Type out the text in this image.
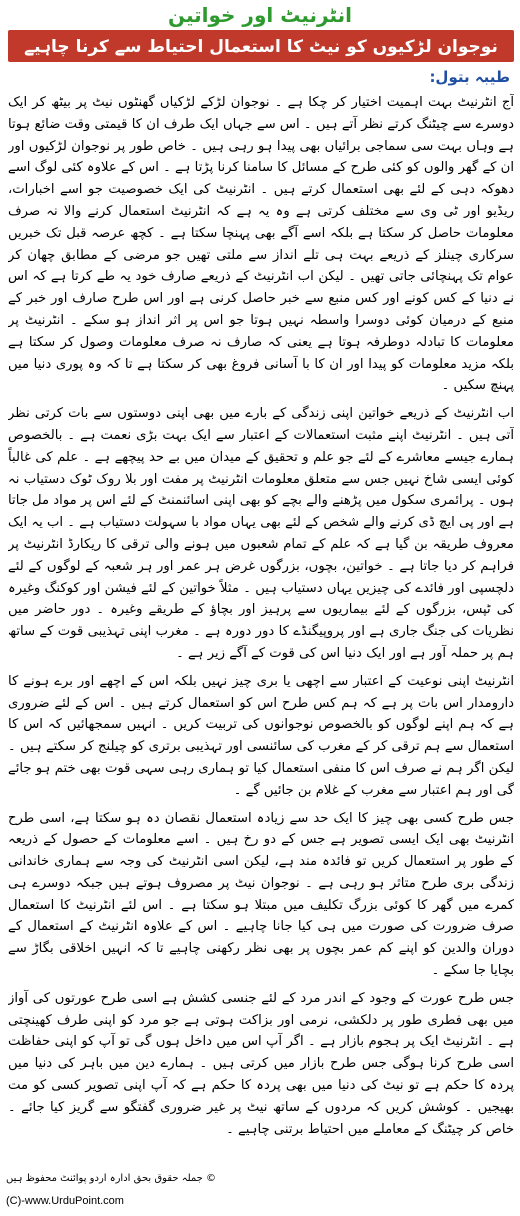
انٹرنیٹ اور خواتین
نوجوان لڑکیوں کو نیٹ کا استعمال احتیاط سے کرنا چاہیے
طیبہ بتول:

آج انٹرنیٹ بہت اہمیت اختیار کر چکا ہے ۔ نوجوان لڑکے لڑکیاں گھنٹوں نیٹ پر بیٹھ کر ایک دوسرے سے چیٹنگ کرتے نظر آتے ہیں ۔ اس سے جہاں ایک طرف ان کا قیمتی وقت ضائع ہوتا ہے وہاں بہت سی سماجی برائیاں بھی پیدا ہو رہی ہیں ۔ خاص طور پر نوجوان لڑکیوں اور ان کے گھر والوں کو کئی طرح کے مسائل کا سامنا کرنا پڑتا ہے ۔ اس کے علاوہ کئی لوگ اسے دھوکہ دہی کے لئے بھی استعمال کرتے ہیں ۔ انٹرنیٹ کی ایک خصوصیت جو اسے اخبارات، ریڈیو اور ٹی وی سے مختلف کرتی ہے وہ یہ ہے کہ انٹرنیٹ استعمال کرنے والا نہ صرف معلومات حاصل کر سکتا ہے بلکہ اسے آگے بھی پہنچا سکتا ہے ۔ کچھ عرصہ قبل تک خبریں سرکاری چینلز کے ذریعے بہت ہی تلے انداز سے ملتی تھیں جو مرضی کے مطابق چھان کر عوام تک پہنچائی جاتی تھیں ۔ لیکن اب انٹرنیٹ کے ذریعے صارف خود یہ طے کرتا ہے کہ اس نے دنیا کے کس کونے اور کس منبع سے خبر حاصل کرنی ہے اور اس طرح صارف اور خبر کے منبع کے درمیان کوئی دوسرا واسطہ نہیں ہوتا جو اس پر اثر انداز ہو سکے ۔ انٹرنیٹ پر معلومات کا تبادلہ دوطرفہ ہوتا ہے یعنی کہ صارف نہ صرف معلومات وصول کر سکتا ہے بلکہ مزید معلومات کو پیدا اور ان کا با آسانی فروغ بھی کر سکتا ہے تا کہ وہ پوری دنیا میں پہنچ سکیں ۔

اب انٹرنیٹ کے ذریعے خواتین اپنی زندگی کے بارے میں بھی اپنی دوستوں سے بات کرتی نظر آتی ہیں ۔ انٹرنیٹ اپنے مثبت استعمالات کے اعتبار سے ایک بہت بڑی نعمت ہے ۔ بالخصوص ہمارے جیسے معاشرے کے لئے جو علم و تحقیق کے میدان میں بے حد پیچھے ہے ۔ علم کی غالباً کوئی ایسی شاخ نہیں جس سے متعلق معلومات انٹرنیٹ پر مفت اور بلا روک ٹوک دستیاب نہ ہوں ۔ پرائمری سکول میں پڑھنے والے بچے کو بھی اپنی اسائنمنٹ کے لئے اس پر مواد مل جاتا ہے اور پی ایچ ڈی کرنے والے شخص کے لئے بھی یہاں مواد با سہولت دستیاب ہے ۔ اب یہ ایک معروف طریقہ بن گیا ہے کہ علم کے تمام شعبوں میں ہونے والی ترقی کا ریکارڈ انٹرنیٹ پر فراہم کر دیا جاتا ہے ۔ خواتین، بچوں، بزرگوں غرض ہر عمر اور ہر شعبہ کے لوگوں کے لئے دلچسپی اور فائدے کی چیزیں یہاں دستیاب ہیں ۔ مثلاً خواتین کے لئے فیشن اور کوکنگ وغیرہ کی ٹپس، بزرگوں کے لئے بیماریوں سے پرہیز اور بچاؤ کے طریقے وغیرہ ۔ دور حاضر میں نظریات کی جنگ جاری ہے اور پروپیگنڈے کا دور دورہ ہے ۔ مغرب اپنی تہذیبی قوت کے ساتھ ہم پر حملہ آور ہے اور ایک دنیا اس کی قوت کے آگے زیر ہے ۔

انٹرنیٹ اپنی نوعیت کے اعتبار سے اچھی یا بری چیز نہیں بلکہ اس کے اچھے اور برے ہونے کا دارومدار اس بات پر ہے کہ ہم کس طرح اس کو استعمال کرتے ہیں ۔ اس کے لئے ضروری ہے کہ ہم اپنے لوگوں کو بالخصوص نوجوانوں کی تربیت کریں ۔ انہیں سمجھائیں کہ اس کا استعمال سے ہم ترقی کر کے مغرب کی سائنسی اور تہذیبی برتری کو چیلنج کر سکتے ہیں ۔ لیکن اگر ہم نے صرف اس کا منفی استعمال کیا تو ہماری رہی سہی قوت بھی ختم ہو جائے گی اور ہم اعتبار سے مغرب کے غلام بن جائیں گے ۔

جس طرح کسی بھی چیز کا ایک حد سے زیادہ استعمال نقصان دہ ہو سکتا ہے، اسی طرح انٹرنیٹ بھی ایک ایسی تصویر ہے جس کے دو رخ ہیں ۔ اسے معلومات کے حصول کے ذریعہ کے طور پر استعمال کریں تو فائدہ مند ہے، لیکن اسی انٹرنیٹ کی وجہ سے ہماری خاندانی زندگی بری طرح متاثر ہو رہی ہے ۔ نوجوان نیٹ پر مصروف ہوتے ہیں جبکہ دوسرے ہی کمرے میں گھر کا کوئی بزرگ تکلیف میں مبتلا ہو سکتا ہے ۔ اس لئے انٹرنیٹ کا استعمال صرف ضرورت کی صورت میں ہی کیا جانا چاہیے ۔ اس کے علاوہ انٹرنیٹ کے استعمال کے دوران والدین کو اپنے کم عمر بچوں پر بھی نظر رکھنی چاہیے تا کہ انہیں اخلاقی بگاڑ سے بچایا جا سکے ۔

جس طرح عورت کے وجود کے اندر مرد کے لئے جنسی کشش ہے اسی طرح عورتوں کی آواز میں بھی فطری طور پر دلکشی، نرمی اور بزاکت ہوتی ہے جو مرد کو اپنی طرف کھینچتی ہے ۔ انٹرنیٹ ایک پر ہجوم بازار ہے ۔ اگر آپ اس میں داخل ہوں گی تو آپ کو اپنی حفاظت اسی طرح کرنا ہوگی جس طرح بازار میں کرتی ہیں ۔ ہمارے دین میں باہر کی دنیا میں پردہ کا حکم ہے تو نیٹ کی دنیا میں بھی پردہ کا حکم ہے کہ آپ اپنی تصویر کسی کو مت بھیجیں ۔ کوشش کریں کہ مردوں کے ساتھ نیٹ پر غیر ضروری گفتگو سے گریز کیا جائے ۔ خاص کر چیٹنگ کے معاملے میں احتیاط برتنی چاہیے ۔

© جملہ حقوق بحق ادارہ اردو پوائنٹ محفوظ ہیں
(C)-www.UrduPoint.com
